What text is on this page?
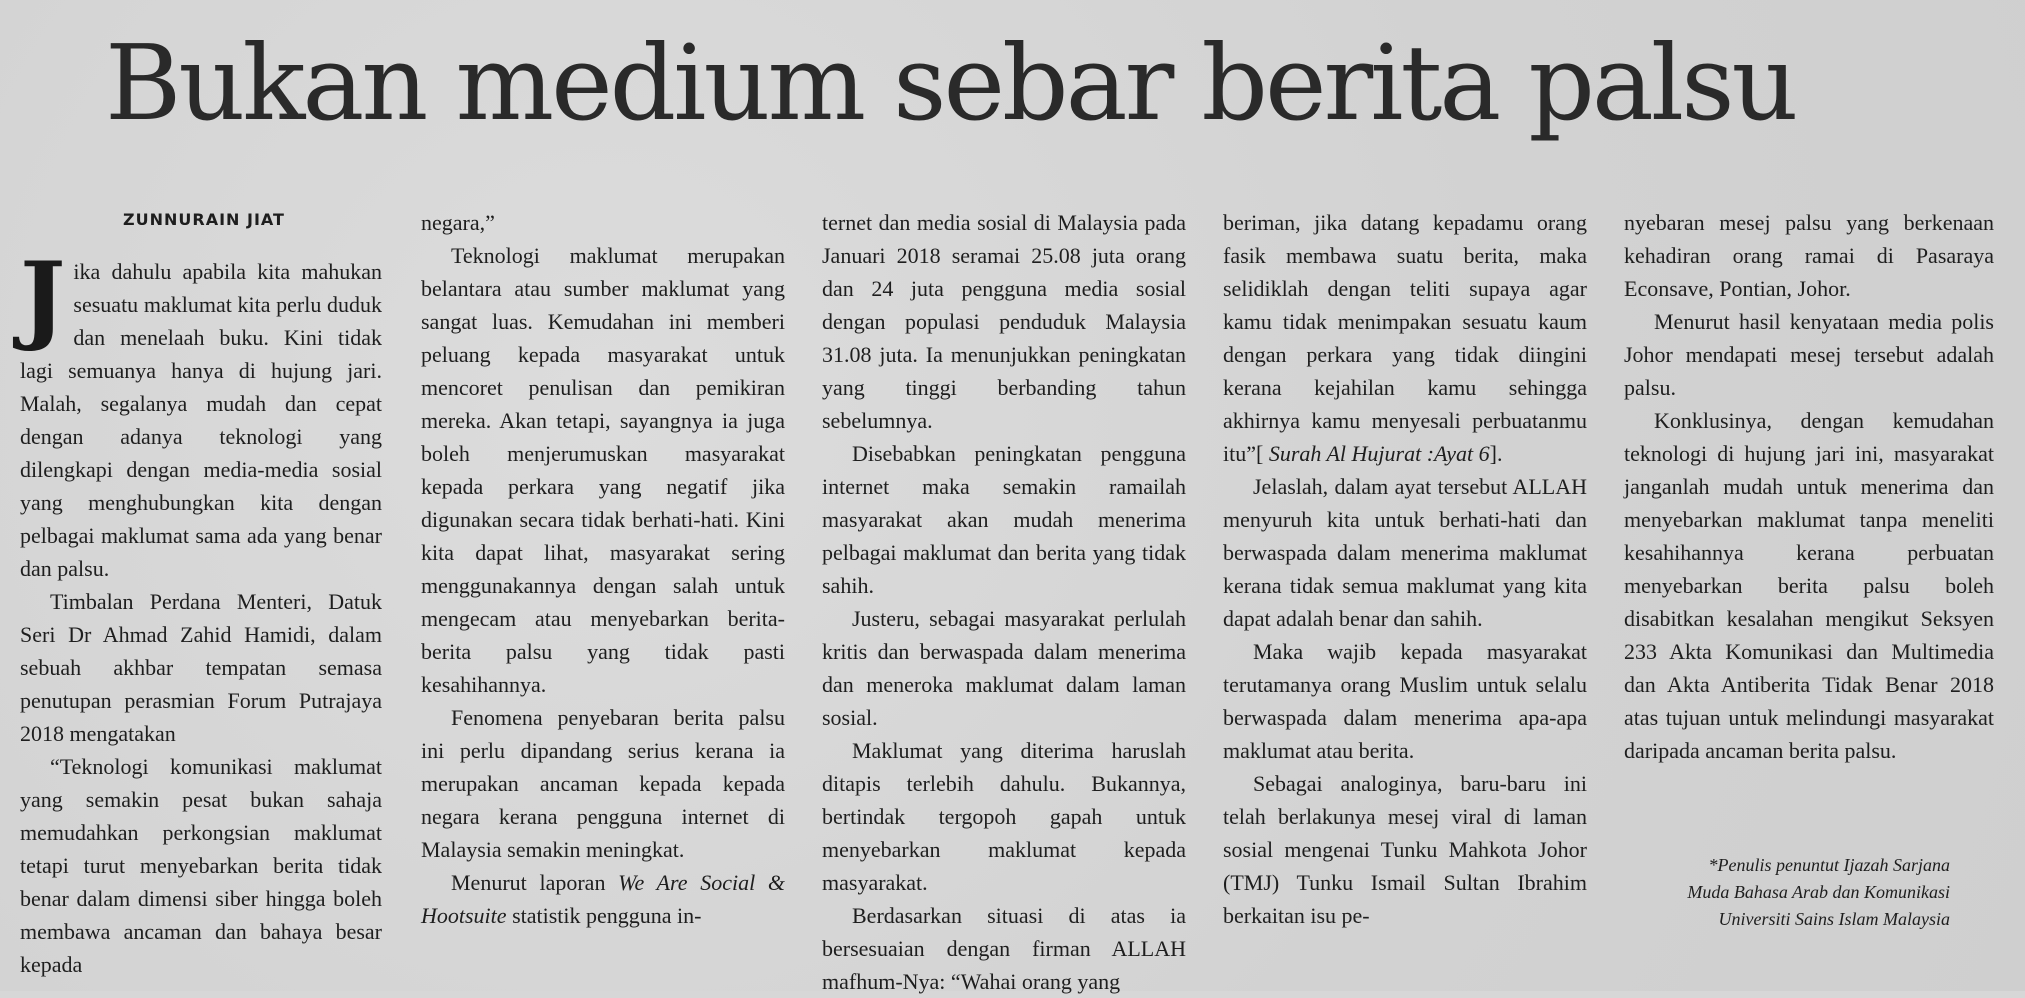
Bukan medium sebar berita palsu
ZUNNURAIN JIAT

Jika dahulu apabila kita mahukan sesuatu maklumat kita perlu duduk dan menelaah buku. Kini tidak lagi semuanya hanya di hujung jari. Malah, segalanya mudah dan cepat dengan adanya teknologi yang dilengkapi dengan media-media sosial yang menghubungkan kita dengan pelbagai maklumat sama ada yang benar dan palsu.

Timbalan Perdana Menteri, Datuk Seri Dr Ahmad Zahid Hamidi, dalam sebuah akhbar tempatan semasa penutupan perasmian Forum Putrajaya 2018 mengatakan

“Teknologi komunikasi maklumat yang semakin pesat bukan sahaja memudahkan perkongsian maklumat tetapi turut menyebarkan berita tidak benar dalam dimensi siber hingga boleh membawa ancaman dan bahaya besar kepada

negara,”

Teknologi maklumat merupakan belantara atau sumber maklumat yang sangat luas. Kemudahan ini memberi peluang kepada masyarakat untuk mencoret penulisan dan pemikiran mereka. Akan tetapi, sayangnya ia juga boleh menjerumuskan masyarakat kepada perkara yang negatif jika digunakan secara tidak berhati-hati. Kini kita dapat lihat, masyarakat sering menggunakannya dengan salah untuk mengecam atau menyebarkan berita-berita palsu yang tidak pasti kesahihannya.

Fenomena penyebaran berita palsu ini perlu dipandang serius kerana ia merupakan ancaman kepada kepada negara kerana pengguna internet di Malaysia semakin meningkat.

Menurut laporan We Are Social & Hootsuite statistik pengguna in-

ternet dan media sosial di Malaysia pada Januari 2018 seramai 25.08 juta orang dan 24 juta pengguna media sosial dengan populasi penduduk Malaysia 31.08 juta. Ia menunjukkan peningkatan yang tinggi berbanding tahun sebelumnya.

Disebabkan peningkatan pengguna internet maka semakin ramailah masyarakat akan mudah menerima pelbagai maklumat dan berita yang tidak sahih.

Justeru, sebagai masyarakat perlulah kritis dan berwaspada dalam menerima dan meneroka maklumat dalam laman sosial.

Maklumat yang diterima haruslah ditapis terlebih dahulu. Bukannya, bertindak tergopoh gapah untuk menyebarkan maklumat kepada masyarakat.

Berdasarkan situasi di atas ia bersesuaian dengan firman ALLAH mafhum-Nya: “Wahai orang yang

beriman, jika datang kepadamu orang fasik membawa suatu berita, maka selidiklah dengan teliti supaya agar kamu tidak menimpakan sesuatu kaum dengan perkara yang tidak diingini kerana kejahilan kamu sehingga akhirnya kamu menyesali perbuatanmu itu”[ Surah Al Hujurat :Ayat 6].

Jelaslah, dalam ayat tersebut ALLAH menyuruh kita untuk berhati-hati dan berwaspada dalam menerima maklumat kerana tidak semua maklumat yang kita dapat adalah benar dan sahih.

Maka wajib kepada masyarakat terutamanya orang Muslim untuk selalu berwaspada dalam menerima apa-apa maklumat atau berita.

Sebagai analoginya, baru-baru ini telah berlakunya mesej viral di laman sosial mengenai Tunku Mahkota Johor (TMJ) Tunku Ismail Sultan Ibrahim berkaitan isu pe-

nyebaran mesej palsu yang berkenaan kehadiran orang ramai di Pasaraya Econsave, Pontian, Johor.

Menurut hasil kenyataan media polis Johor mendapati mesej tersebut adalah palsu.

Konklusinya, dengan kemudahan teknologi di hujung jari ini, masyarakat janganlah mudah untuk menerima dan menyebarkan maklumat tanpa meneliti kesahihannya kerana perbuatan menyebarkan berita palsu boleh disabitkan kesalahan mengikut Seksyen 233 Akta Komunikasi dan Multimedia dan Akta Antiberita Tidak Benar 2018 atas tujuan untuk melindungi masyarakat daripada ancaman berita palsu.

*Penulis penuntut Ijazah Sarjana

Muda Bahasa Arab dan Komunikasi

Universiti Sains Islam Malaysia
